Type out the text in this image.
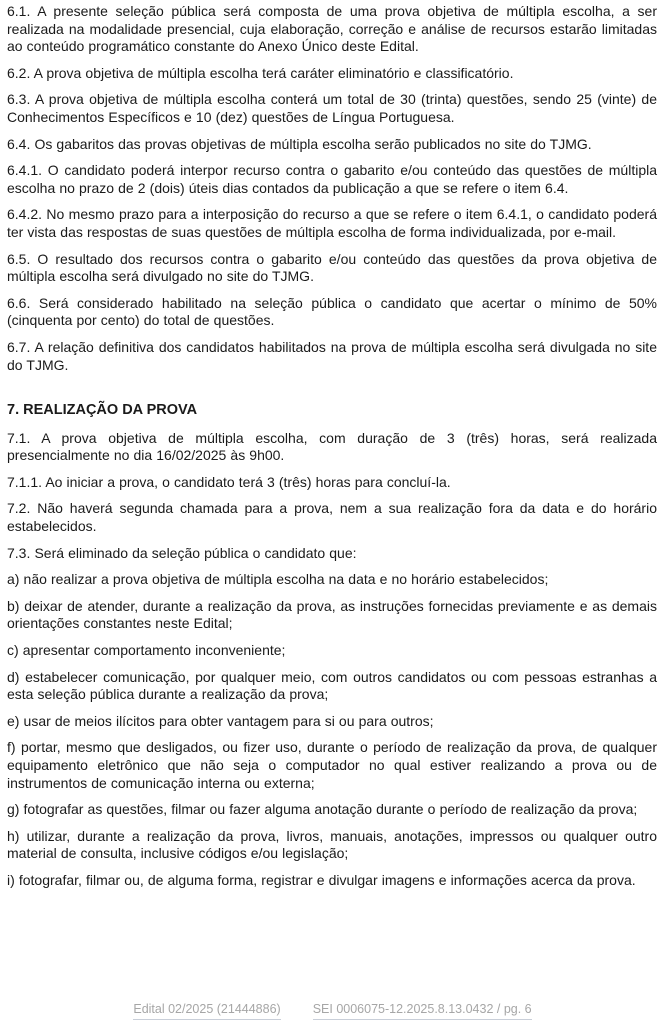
6.1. A presente seleção pública será composta de uma prova objetiva de múltipla escolha, a ser realizada na modalidade presencial, cuja elaboração, correção e análise de recursos estarão limitadas ao conteúdo programático constante do Anexo Único deste Edital.

6.2. A prova objetiva de múltipla escolha terá caráter eliminatório e classificatório.

6.3. A prova objetiva de múltipla escolha conterá um total de 30 (trinta) questões, sendo 25 (vinte) de Conhecimentos Específicos e 10 (dez) questões de Língua Portuguesa.

6.4. Os gabaritos das provas objetivas de múltipla escolha serão publicados no site do TJMG.

6.4.1. O candidato poderá interpor recurso contra o gabarito e/ou conteúdo das questões de múltipla escolha no prazo de 2 (dois) úteis dias contados da publicação a que se refere o item 6.4.

6.4.2. No mesmo prazo para a interposição do recurso a que se refere o item 6.4.1, o candidato poderá ter vista das respostas de suas questões de múltipla escolha de forma individualizada, por e-mail.

6.5. O resultado dos recursos contra o gabarito e/ou conteúdo das questões da prova objetiva de múltipla escolha será divulgado no site do TJMG.

6.6. Será considerado habilitado na seleção pública o candidato que acertar o mínimo de 50% (cinquenta por cento) do total de questões.

6.7. A relação definitiva dos candidatos habilitados na prova de múltipla escolha será divulgada no site do TJMG.

7. REALIZAÇÃO DA PROVA

7.1. A prova objetiva de múltipla escolha, com duração de 3 (três) horas, será realizada presencialmente no dia 16/02/2025 às 9h00.

7.1.1. Ao iniciar a prova, o candidato terá 3 (três) horas para concluí-la.

7.2. Não haverá segunda chamada para a prova, nem a sua realização fora da data e do horário estabelecidos.

7.3. Será eliminado da seleção pública o candidato que:

a) não realizar a prova objetiva de múltipla escolha na data e no horário estabelecidos;

b) deixar de atender, durante a realização da prova, as instruções fornecidas previamente e as demais orientações constantes neste Edital;

c) apresentar comportamento inconveniente;

d) estabelecer comunicação, por qualquer meio, com outros candidatos ou com pessoas estranhas a esta seleção pública durante a realização da prova;

e) usar de meios ilícitos para obter vantagem para si ou para outros;

f) portar, mesmo que desligados, ou fizer uso, durante o período de realização da prova, de qualquer equipamento eletrônico que não seja o computador no qual estiver realizando a prova ou de instrumentos de comunicação interna ou externa;

g) fotografar as questões, filmar ou fazer alguma anotação durante o período de realização da prova;

h) utilizar, durante a realização da prova, livros, manuais, anotações, impressos ou qualquer outro material de consulta, inclusive códigos e/ou legislação;

i) fotografar, filmar ou, de alguma forma, registrar e divulgar imagens e informações acerca da prova.

Edital 02/2025 (21444886)	SEI 0006075-12.2025.8.13.0432 / pg. 6
